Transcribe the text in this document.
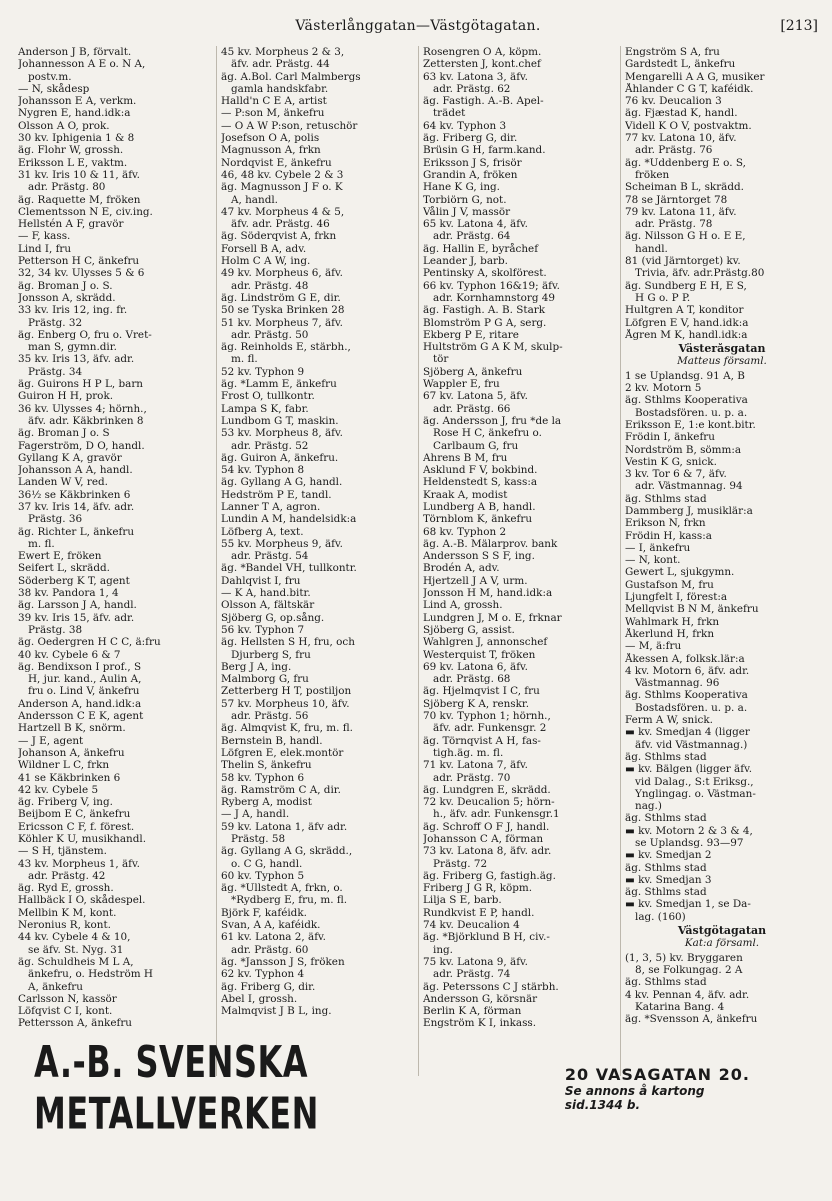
Västerlånggatan—Västgötagatan.	[213]
Anderson J B, förvalt.
Johannesson A E o. N A,
postv.m.
— N, skådesp
Johansson E A, verkm.
Nygren E, hand.idk:a
Olsson A O, prok.
30 kv. Iphigenia 1 & 8
äg. Flohr W, grossh.
Eriksson L E, vaktm.
31 kv. Iris 10 & 11, äfv.
adr. Prästg. 80
äg. Raquette M, fröken
Clementsson N E, civ.ing.
Hellstén A F, gravör
— F, kass.
Lind I, fru
Petterson H C, änkefru
32, 34 kv. Ulysses 5 & 6
äg. Broman J o. S.
Jonsson A, skrädd.
33 kv. Iris 12, ing. fr.
Prästg. 32
äg. Enberg O, fru o. Vret-
man S, gymn.dir.
35 kv. Iris 13, äfv. adr.
Prästg. 34
äg. Guirons H P L, barn
Guiron H H, prok.
36 kv. Ulysses 4; hörnh.,
äfv. adr. Käkbrinken 8
äg. Broman J o. S
Fagerström, D O, handl.
Gyllang K A, gravör
Johansson A A, handl.
Landen W V, red.
36½ se Käkbrinken 6
37 kv. Iris 14, äfv. adr.
Prästg. 36
äg. Richter L, änkefru
m. fl.
Ewert E, fröken
Seifert L, skrädd.
Söderberg K T, agent
38 kv. Pandora 1, 4
äg. Larsson J A, handl.
39 kv. Iris 15, äfv. adr.
Prästg. 38
äg. Oedergren H C C, ä:fru
40 kv. Cybele 6 & 7
äg. Bendixson I prof., S
H, jur. kand., Aulin A,
fru o. Lind V, änkefru
Anderson A, hand.idk:a
Andersson C E K, agent
Hartzell B K, snörm.
— J E, agent
Johanson A, änkefru
Wildner L C, frkn
41 se Käkbrinken 6
42 kv. Cybele 5
äg. Friberg V, ing.
Beijbom E C, änkefru
Ericsson C F, f. förest.
Köhler K U, musikhandl.
— S H, tjänstem.
43 kv. Morpheus 1, äfv.
adr. Prästg. 42
äg. Ryd E, grossh.
Hallbäck I O, skådespel.
Mellbin K M, kont.
Neronius R, kont.
44 kv. Cybele 4 & 10,
se äfv. St. Nyg. 31
äg. Schuldheis M L A,
änkefru, o. Hedström H
A, änkefru
Carlsson N, kassör
Löfqvist C I, kont.
Pettersson A, änkefru
45 kv. Morpheus 2 & 3,
äfv. adr. Prästg. 44
äg. A.Bol. Carl Malmbergs
gamla handskfabr.
Halld'n C E A, artist
— P:son M, änkefru
— O A W P:son, retuschör
Josefson O A, polis
Magnusson A, frkn
Nordqvist E, änkefru
46, 48 kv. Cybele 2 & 3
äg. Magnusson J F o. K
A, handl.
47 kv. Morpheus 4 & 5,
äfv. adr. Prästg. 46
äg. Söderqvist A, frkn
Forsell B A, adv.
Holm C A W, ing.
49 kv. Morpheus 6, äfv.
adr. Prästg. 48
äg. Lindström G E, dir.
50 se Tyska Brinken 28
51 kv. Morpheus 7, äfv.
adr. Prästg. 50
äg. Reinholds E, stärbh.,
m. fl.
52 kv. Typhon 9
äg. *Lamm E, änkefru
Frost O, tullkontr.
Lampa S K, fabr.
Lundbom G T, maskin.
53 kv. Morpheus 8, äfv.
adr. Prästg. 52
äg. Guiron A, änkefru.
54 kv. Typhon 8
äg. Gyllang A G, handl.
Hedström P E, tandl.
Lanner T A, agron.
Lundin A M, handelsidk:a
Löfberg A, text.
55 kv. Morpheus 9, äfv.
adr. Prästg. 54
äg. *Bandel VH, tullkontr.
Dahlqvist I, fru
— K A, hand.bitr.
Olsson A, fältskär
Sjöberg G, op.sång.
56 kv. Typhon 7
äg. Hellsten S H, fru, och
Djurberg S, fru
Berg J A, ing.
Malmborg G, fru
Zetterberg H T, postiljon
57 kv. Morpheus 10, äfv.
adr. Prästg. 56
äg. Almqvist K, fru, m. fl.
Bernstein B, handl.
Löfgren E, elek.montör
Thelin S, änkefru
58 kv. Typhon 6
äg. Ramström C A, dir.
Ryberg A, modist
— J A, handl.
59 kv. Latona 1, äfv adr.
Prästg. 58
äg. Gyllang A G, skrädd.,
o. C G, handl.
60 kv. Typhon 5
äg. *Ullstedt A, frkn, o.
*Rydberg E, fru, m. fl.
Björk F, kaféidk.
Svan, A A, kaféidk.
61 kv. Latona 2, äfv.
adr. Prästg. 60
äg. *Jansson J S, fröken
62 kv. Typhon 4
äg. Friberg G, dir.
Abel I, grossh.
Malmqvist J B L, ing.
Rosengren O A, köpm.
Zettersten J, kont.chef
63 kv. Latona 3, äfv.
adr. Prästg. 62
äg. Fastigh. A.-B. Apel-
trädet
64 kv. Typhon 3
äg. Friberg G, dir.
Brüsin G H, farm.kand.
Eriksson J S, frisör
Grandin A, fröken
Hane K G, ing.
Torbiörn G, not.
Vålin J V, massör
65 kv. Latona 4, äfv.
adr. Prästg. 64
äg. Hallin E, byråchef
Leander J, barb.
Pentinsky A, skolförest.
66 kv. Typhon 16&19; äfv.
adr. Kornhamnstorg 49
äg. Fastigh. A. B. Stark
Blomström P G A, serg.
Ekberg P E, ritare
Hultström G A K M, skulp-
tör
Sjöberg A, änkefru
Wappler E, fru
67 kv. Latona 5, äfv.
adr. Prästg. 66
äg. Andersson J, fru *de la
Rose H C, änkefru o.
Carlbaum G, fru
Ahrens B M, fru
Asklund F V, bokbind.
Heldenstedt S, kass:a
Kraak A, modist
Lundberg A B, handl.
Törnblom K, änkefru
68 kv. Typhon 2
äg. A.-B. Mälarprov. bank
Andersson S S F, ing.
Brodén A, adv.
Hjertzell J A V, urm.
Jonsson H M, hand.idk:a
Lind A, grossh.
Lundgren J, M o. E, frknar
Sjöberg G, assist.
Wahlgren J, annonschef
Westerquist T, fröken
69 kv. Latona 6, äfv.
adr. Prästg. 68
äg. Hjelmqvist I C, fru
Sjöberg K A, renskr.
70 kv. Typhon 1; hörnh.,
äfv. adr. Funkensgr. 2
äg. Törnqvist A H, fas-
tigh.äg. m. fl.
71 kv. Latona 7, äfv.
adr. Prästg. 70
äg. Lundgren E, skrädd.
72 kv. Deucalion 5; hörn-
h., äfv. adr. Funkensgr.1
äg. Schroff O F J, handl.
Johansson C A, förman
73 kv. Latona 8, äfv. adr.
Prästg. 72
äg. Friberg G, fastigh.äg.
Friberg J G R, köpm.
Lilja S E, barb.
Rundkvist E P, handl.
74 kv. Deucalion 4
äg. *Björklund B H, civ.-
ing.
75 kv. Latona 9, äfv.
adr. Prästg. 74
äg. Peterssons C J stärbh.
Andersson G, körsnär
Berlin K A, förman
Engström K I, inkass.
Engström S A, fru
Gardstedt L, änkefru
Mengarelli A A G, musiker
Åhlander C G T, kaféidk.
76 kv. Deucalion 3
äg. Fjæstad K, handl.
Videll K O V, postvaktm.
77 kv. Latona 10, äfv.
adr. Prästg. 76
äg. *Uddenberg E o. S,
fröken
Scheiman B L, skrädd.
78 se Järntorget 78
79 kv. Latona 11, äfv.
adr. Prästg. 78
äg. Nilsson G H o. E E,
handl.
81 (vid Järntorget) kv.
Trivia, äfv. adr.Prästg.80
äg. Sundberg E H, E S,
H G o. P P.
Hultgren A T, konditor
Löfgren E V, hand.idk:a
Ågren M K, handl.idk:a
Västeråsgatan
Matteus församl.
1 se Uplandsg. 91 A, B
2 kv. Motorn 5
äg. Sthlms Kooperativa
Bostadsfören. u. p. a.
Eriksson E, 1:e kont.bitr.
Frödin I, änkefru
Nordström B, sömm:a
Vestin K G, snick.
3 kv. Tor 6 & 7, äfv.
adr. Västmannag. 94
äg. Sthlms stad
Dammberg J, musiklär:a
Erikson N, frkn
Frödin H, kass:a
— I, änkefru
— N, kont.
Gewert L, sjukgymn.
Gustafson M, fru
Ljungfelt I, förest:a
Mellqvist B N M, änkefru
Wahlmark H, frkn
Åkerlund H, frkn
— M, ä:fru
Åkessen A, folksk.lär:a
4 kv. Motorn 6, äfv. adr.
Västmannag. 96
äg. Sthlms Kooperativa
Bostadsfören. u. p. a.
Ferm A W, snick.
▬ kv. Smedjan 4 (ligger
äfv. vid Västmannag.)
äg. Sthlms stad
▬ kv. Bälgen (ligger äfv.
vid Dalag., S:t Eriksg.,
Ynglingag. o. Västman-
nag.)
äg. Sthlms stad
▬ kv. Motorn 2 & 3 & 4,
se Uplandsg. 93—97
▬ kv. Smedjan 2
äg. Sthlms stad
▬ kv. Smedjan 3
äg. Sthlms stad
▬ kv. Smedjan 1, se Da-
lag. (160)
Västgötagatan
Kat:a församl.
(1, 3, 5) kv. Bryggaren
8, se Folkungag. 2 A
äg. Sthlms stad
4 kv. Pennan 4, äfv. adr.
Katarina Bang. 4
äg. *Svensson A, änkefru
A.-B. SVENSKA METALLVERKEN
20 VASAGATAN 20.
Se annons å kartong sid.1344 b.
